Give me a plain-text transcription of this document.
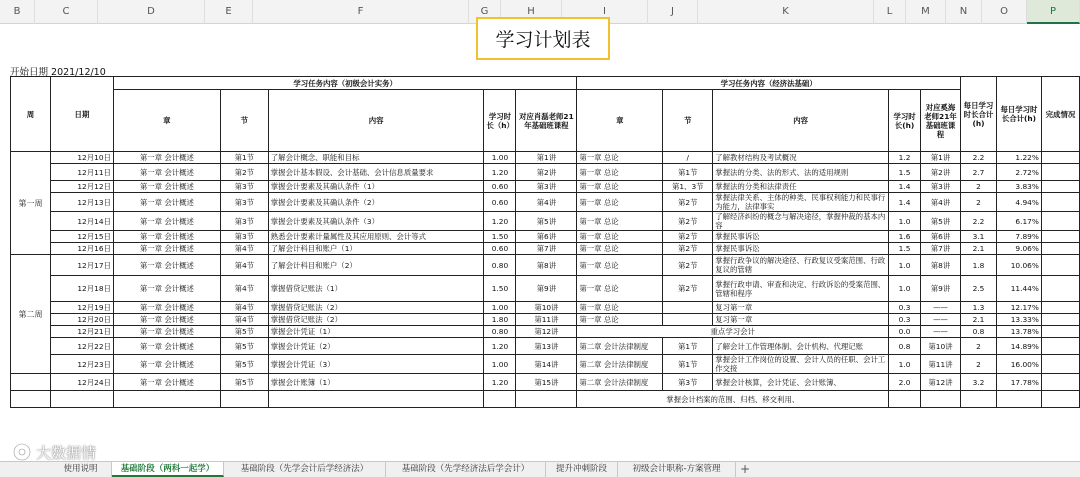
B	C	D	E	F	G	H	I	J	K	L	M	N	O	P
学习计划表
开始日期 2021/12/10
周	日期	学习任务内容（初级会计实务）					学习任务内容（经济法基础）					每日学习时长合计(h)	每日学习时长合计(h)	完成情况
		章	节	内容	学习时长（h）	对应肖磊老师21年基础班课程	章	节	内容	学习时长(h)	对应奚海老师21年基础班课程			
第一周	12月10日	第一章 会计概述	第1节	了解会计概念、职能和目标	1.00	第1讲	第一章 总论	/	了解教材结构及考试概况	1.2	第1讲	2.2	1.22%	
	12月11日	第一章 会计概述	第2节	掌握会计基本假设、会计基础、会计信息质量要求	1.20	第2讲	第一章 总论	第1节	掌握法的分类、法的形式、法的适用规则	1.5	第2讲	2.7	2.72%	
	12月12日	第一章 会计概述	第3节	掌握会计要素及其确认条件（1）	0.60	第3讲	第一章 总论	第1、3节	掌握法的分类和法律责任	1.4	第3讲	2	3.83%	
	12月13日	第一章 会计概述	第3节	掌握会计要素及其确认条件（2）	0.60	第4讲	第一章 总论	第2节	掌握法律关系、主体的种类、民事权利能力和民事行为能力，法律事实	1.4	第4讲	2	4.94%	
	12月14日	第一章 会计概述	第3节	掌握会计要素及其确认条件（3）	1.20	第5讲	第一章 总论	第2节	了解经济纠纷的概念与解决途径，掌握仲裁的基本内容	1.0	第5讲	2.2	6.17%	
	12月15日	第一章 会计概述	第3节	熟悉会计要素计量属性及其应用原则、会计等式	1.50	第6讲	第一章 总论	第2节	掌握民事诉讼	1.6	第6讲	3.1	7.89%	
	12月16日	第一章 会计概述	第4节	了解会计科目和账户（1）	0.60	第7讲	第一章 总论	第2节	掌握民事诉讼	1.5	第7讲	2.1	9.06%	
第二周	12月17日	第一章 会计概述	第4节	了解会计科目和账户（2）	0.80	第8讲	第一章 总论	第2节	掌握行政争议的解决途径、行政复议受案范围、行政复议的管辖	1.0	第8讲	1.8	10.06%	
	12月18日	第一章 会计概述	第4节	掌握借贷记账法（1）	1.50	第9讲	第一章 总论	第2节	掌握行政申请、审查和决定、行政诉讼的受案范围、管辖和程序	1.0	第9讲	2.5	11.44%	
	12月19日	第一章 会计概述	第4节	掌握借贷记账法（2）	1.00	第10讲	第一章 总论		复习第一章	0.3	——	1.3	12.17%	
	12月20日	第一章 会计概述	第4节	掌握借贷记账法（2）	1.80	第11讲	第一章 总论		复习第一章	0.3	——	2.1	13.33%	
	12月21日	第一章 会计概述	第5节	掌握会计凭证（1）	0.80	第12讲	重点学习会计			0.0	——	0.8	13.78%	
	12月22日	第一章 会计概述	第5节	掌握会计凭证（2）	1.20	第13讲	第二章 会计法律制度	第1节	了解会计工作管理体制、会计机构、代理记账	0.8	第10讲	2	14.89%	
	12月23日	第一章 会计概述	第5节	掌握会计凭证（3）	1.00	第14讲	第二章 会计法律制度	第1节	掌握会计工作岗位的设置、会计人员的任职、会计工作交接	1.0	第11讲	2	16.00%	
	12月24日	第一章 会计概述	第5节	掌握会计账簿（1）	1.20	第15讲	第二章 会计法律制度	第3节	掌握会计核算，会计凭证、会计账簿、	2.0	第12讲	3.2	17.78%	
							掌握会计档案的范围、归档、移交利用、							
大数据情
使用说明	基础阶段（两科一起学）	基础阶段（先学会计后学经济法）	基础阶段（先学经济法后学会计）	提升冲刺阶段	初级会计职称-方案管理	+
